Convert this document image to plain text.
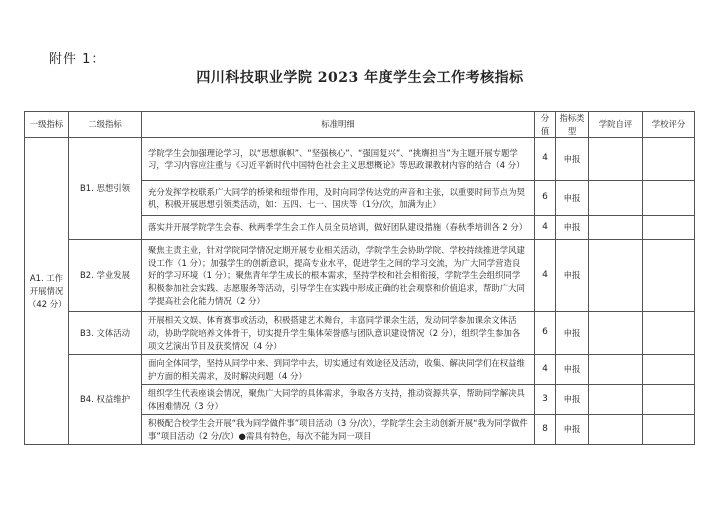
附件 1：
四川科技职业学院 2023 年度学生会工作考核指标
一级指标	二级指标	标准明细	分值	指标类型	学院自评	学校评分
A1. 工作开展情况（42 分）	B1. 思想引领	学院学生会加强理论学习，以“思想旗帜”、“坚强核心”、“强国复兴”、“挑膺担当”为主题开展专题学习，学习内容应注重与《习近平新时代中国特色社会主义思想概论》等思政课教材内容的结合（4 分）	4	申报		
		充分发挥学校联系广大同学的桥梁和纽带作用，及时向同学传达党的声音和主张，以重要时间节点为契机，积极开展思想引领类活动，如：五四、七一、国庆等（1分/次，加满为止）	6	申报		
		落实并开展学院学生会春、秋两季学生会工作人员全员培训，做好团队建设措施（春秋季培训各 2 分）	4	申报		
	B2. 学业发展	聚焦主责主业，针对学院同学情况定期开展专业相关活动，学院学生会协助学院、学校持续推进学风建设工作（1 分）；加强学生的创新意识，提高专业水平，促进学生之间的学习交流，为广大同学营造良好的学习环境（1 分）；聚焦青年学生成长的根本需求，坚持学校和社会相衔接，学院学生会组织同学积极参加社会实践、志愿服务等活动，引导学生在实践中形成正确的社会观察和价值追求，帮助广大同学提高社会化能力情况（2 分）	4	申报		
	B3. 文体活动	开展相关文娱、体育赛事或活动，积极搭建艺术舞台，丰富同学课余生活，发动同学参加课余文体活动，协助学院培养文体骨干，切实提升学生集体荣誉感与团队意识建设情况（2 分），组织学生参加各项文艺演出节目及获奖情况（4 分）	6	申报		
	B4. 权益维护	面向全体同学，坚持从同学中来、到同学中去，切实通过有效途径及活动，收集、解决同学们在权益维护方面的相关需求，及时解决问题（4 分）	4	申报		
		组织学生代表座谈会情况，聚焦广大同学的具体需求，争取各方支持，推动资源共享，帮助同学解决具体困难情况（3 分）	3	申报		
		积极配合校学生会开展“我为同学做件事”项目活动（3 分/次），学院学生会主动创新开展“我为同学做件事”项目活动（2 分/次）●需具有特色，每次不能为同一项目	8	申报		
